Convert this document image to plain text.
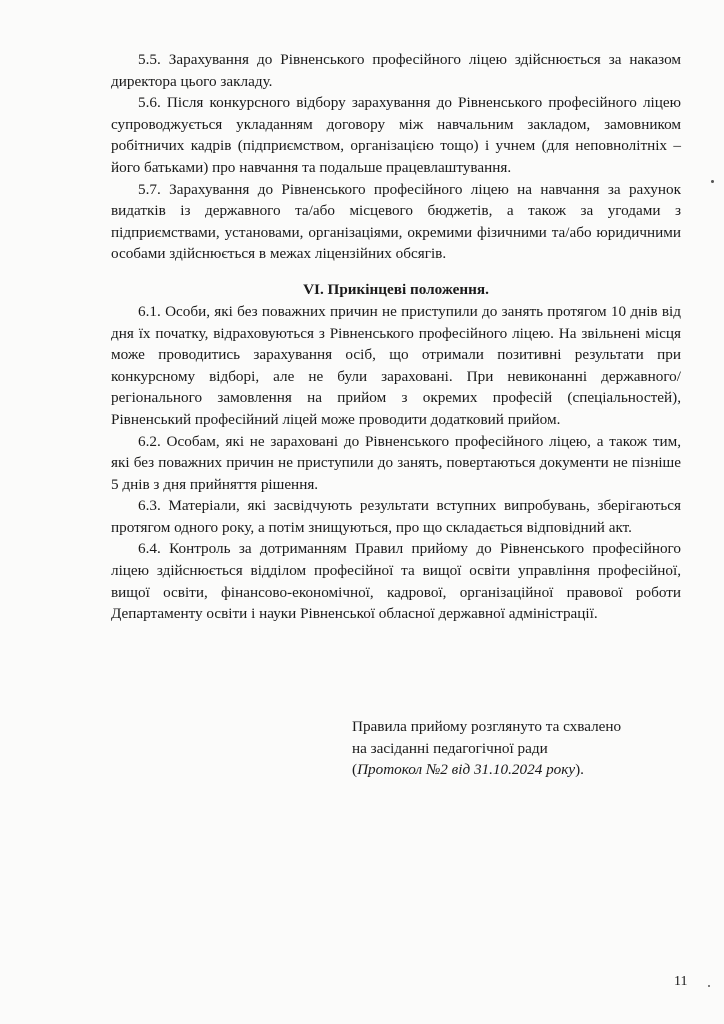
5.5. Зарахування до Рівненського професійного ліцею здійснюється за наказом директора цього закладу.

5.6. Після конкурсного відбору зарахування до Рівненського професійного ліцею супроводжується укладанням договору між навчальним закладом, замовником робітничих кадрів (підприємством, організацією тощо) і учнем (для неповнолітніх – його батьками) про навчання та подальше працевлаштування.

5.7. Зарахування до Рівненського професійного ліцею на навчання за рахунок видатків із державного та/або місцевого бюджетів, а також за угодами з підприємствами, установами, організаціями, окремими фізичними та/або юридичними особами здійснюється в межах ліцензійних обсягів.

VI. Прикінцеві положення.

6.1. Особи, які без поважних причин не приступили до занять протягом 10 днів від дня їх початку, відраховуються з Рівненського професійного ліцею. На звільнені місця може проводитись зарахування осіб, що отримали позитивні результати при конкурсному відборі, але не були зараховані. При невиконанні державного/регіонального замовлення на прийом з окремих професій (спеціальностей), Рівненський професійний ліцей може проводити додатковий прийом.

6.2. Особам, які не зараховані до Рівненського професійного ліцею, а також тим, які без поважних причин не приступили до занять, повертаються документи не пізніше 5 днів з дня прийняття рішення.

6.3. Матеріали, які засвідчують результати вступних випробувань, зберігаються протягом одного року, а потім знищуються, про що складається відповідний акт.

6.4. Контроль за дотриманням Правил прийому до Рівненського професійного ліцею здійснюється відділом професійної та вищої освіти управління професійної, вищої освіти, фінансово-економічної, кадрової, організаційної правової роботи Департаменту освіти і науки Рівненської обласної державної адміністрації.

Правила прийому розглянуто та схвалено
на засіданні педагогічної ради
(Протокол №2 від 31.10.2024 року).
11
